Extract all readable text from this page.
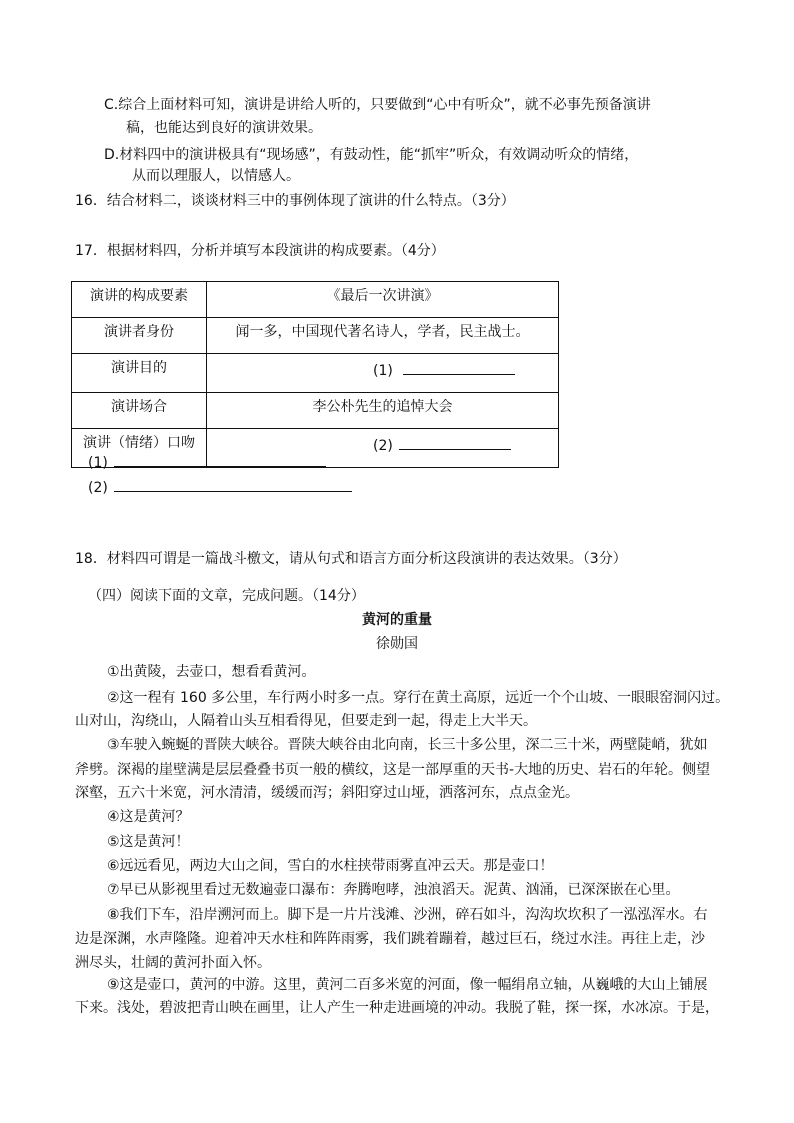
C.综合上面材料可知，演讲是讲给人听的，只要做到“心中有听众”，就不必事先预备演讲
稿，也能达到良好的演讲效果。
D.材料四中的演讲极具有“现场感”，有鼓动性，能“抓牢”听众，有效调动听众的情绪，
从而以理服人，以情感人。
16．结合材料二，谈谈材料三中的事例体现了演讲的什么特点。（3分）
17．根据材料四，分析并填写本段演讲的构成要素。（4分）
演讲的构成要素	《最后一次讲演》
演讲者身份	闻一多，中国现代著名诗人，学者，民主战士。
演讲目的	(1)
演讲场合	李公朴先生的追悼大会
演讲（情绪）口吻	(2)
(1)
(2)
18．材料四可谓是一篇战斗檄文，请从句式和语言方面分析这段演讲的表达效果。（3分）
（四）阅读下面的文章，完成问题。（14分）
黄河的重量
徐勋国
①出黄陵，去壶口，想看看黄河。
②这一程有 160 多公里，车行两小时多一点。穿行在黄土高原，远近一个个山坡、一眼眼窑洞闪过。
山对山，沟绕山，人隔着山头互相看得见，但要走到一起，得走上大半天。
③车驶入蜿蜒的晋陕大峡谷。晋陕大峡谷由北向南，长三十多公里，深二三十米，两壁陡峭，犹如
斧劈。深褐的崖壁满是层层叠叠书页一般的横纹，这是一部厚重的天书-大地的历史、岩石的年轮。侧望
深壑，五六十米宽，河水清清，缓缓而泻；斜阳穿过山垭，洒落河东，点点金光。
④这是黄河？
⑤这是黄河！
⑥远远看见，两边大山之间，雪白的水柱挟带雨雾直冲云天。那是壶口！
⑦早已从影视里看过无数遍壶口瀑布：奔腾咆哮，浊浪滔天。泥黄、汹涌，已深深嵌在心里。
⑧我们下车，沿岸溯河而上。脚下是一片片浅滩、沙洲，碎石如斗，沟沟坎坎积了一泓泓浑水。右
边是深渊，水声隆隆。迎着冲天水柱和阵阵雨雾，我们跳着蹦着，越过巨石，绕过水洼。再往上走，沙
洲尽头，壮阔的黄河扑面入怀。
⑨这是壶口，黄河的中游。这里，黄河二百多米宽的河面，像一幅绢帛立轴，从巍峨的大山上铺展
下来。浅处，碧波把青山映在画里，让人产生一种走进画境的冲动。我脱了鞋，探一探，水冰凉。于是，
